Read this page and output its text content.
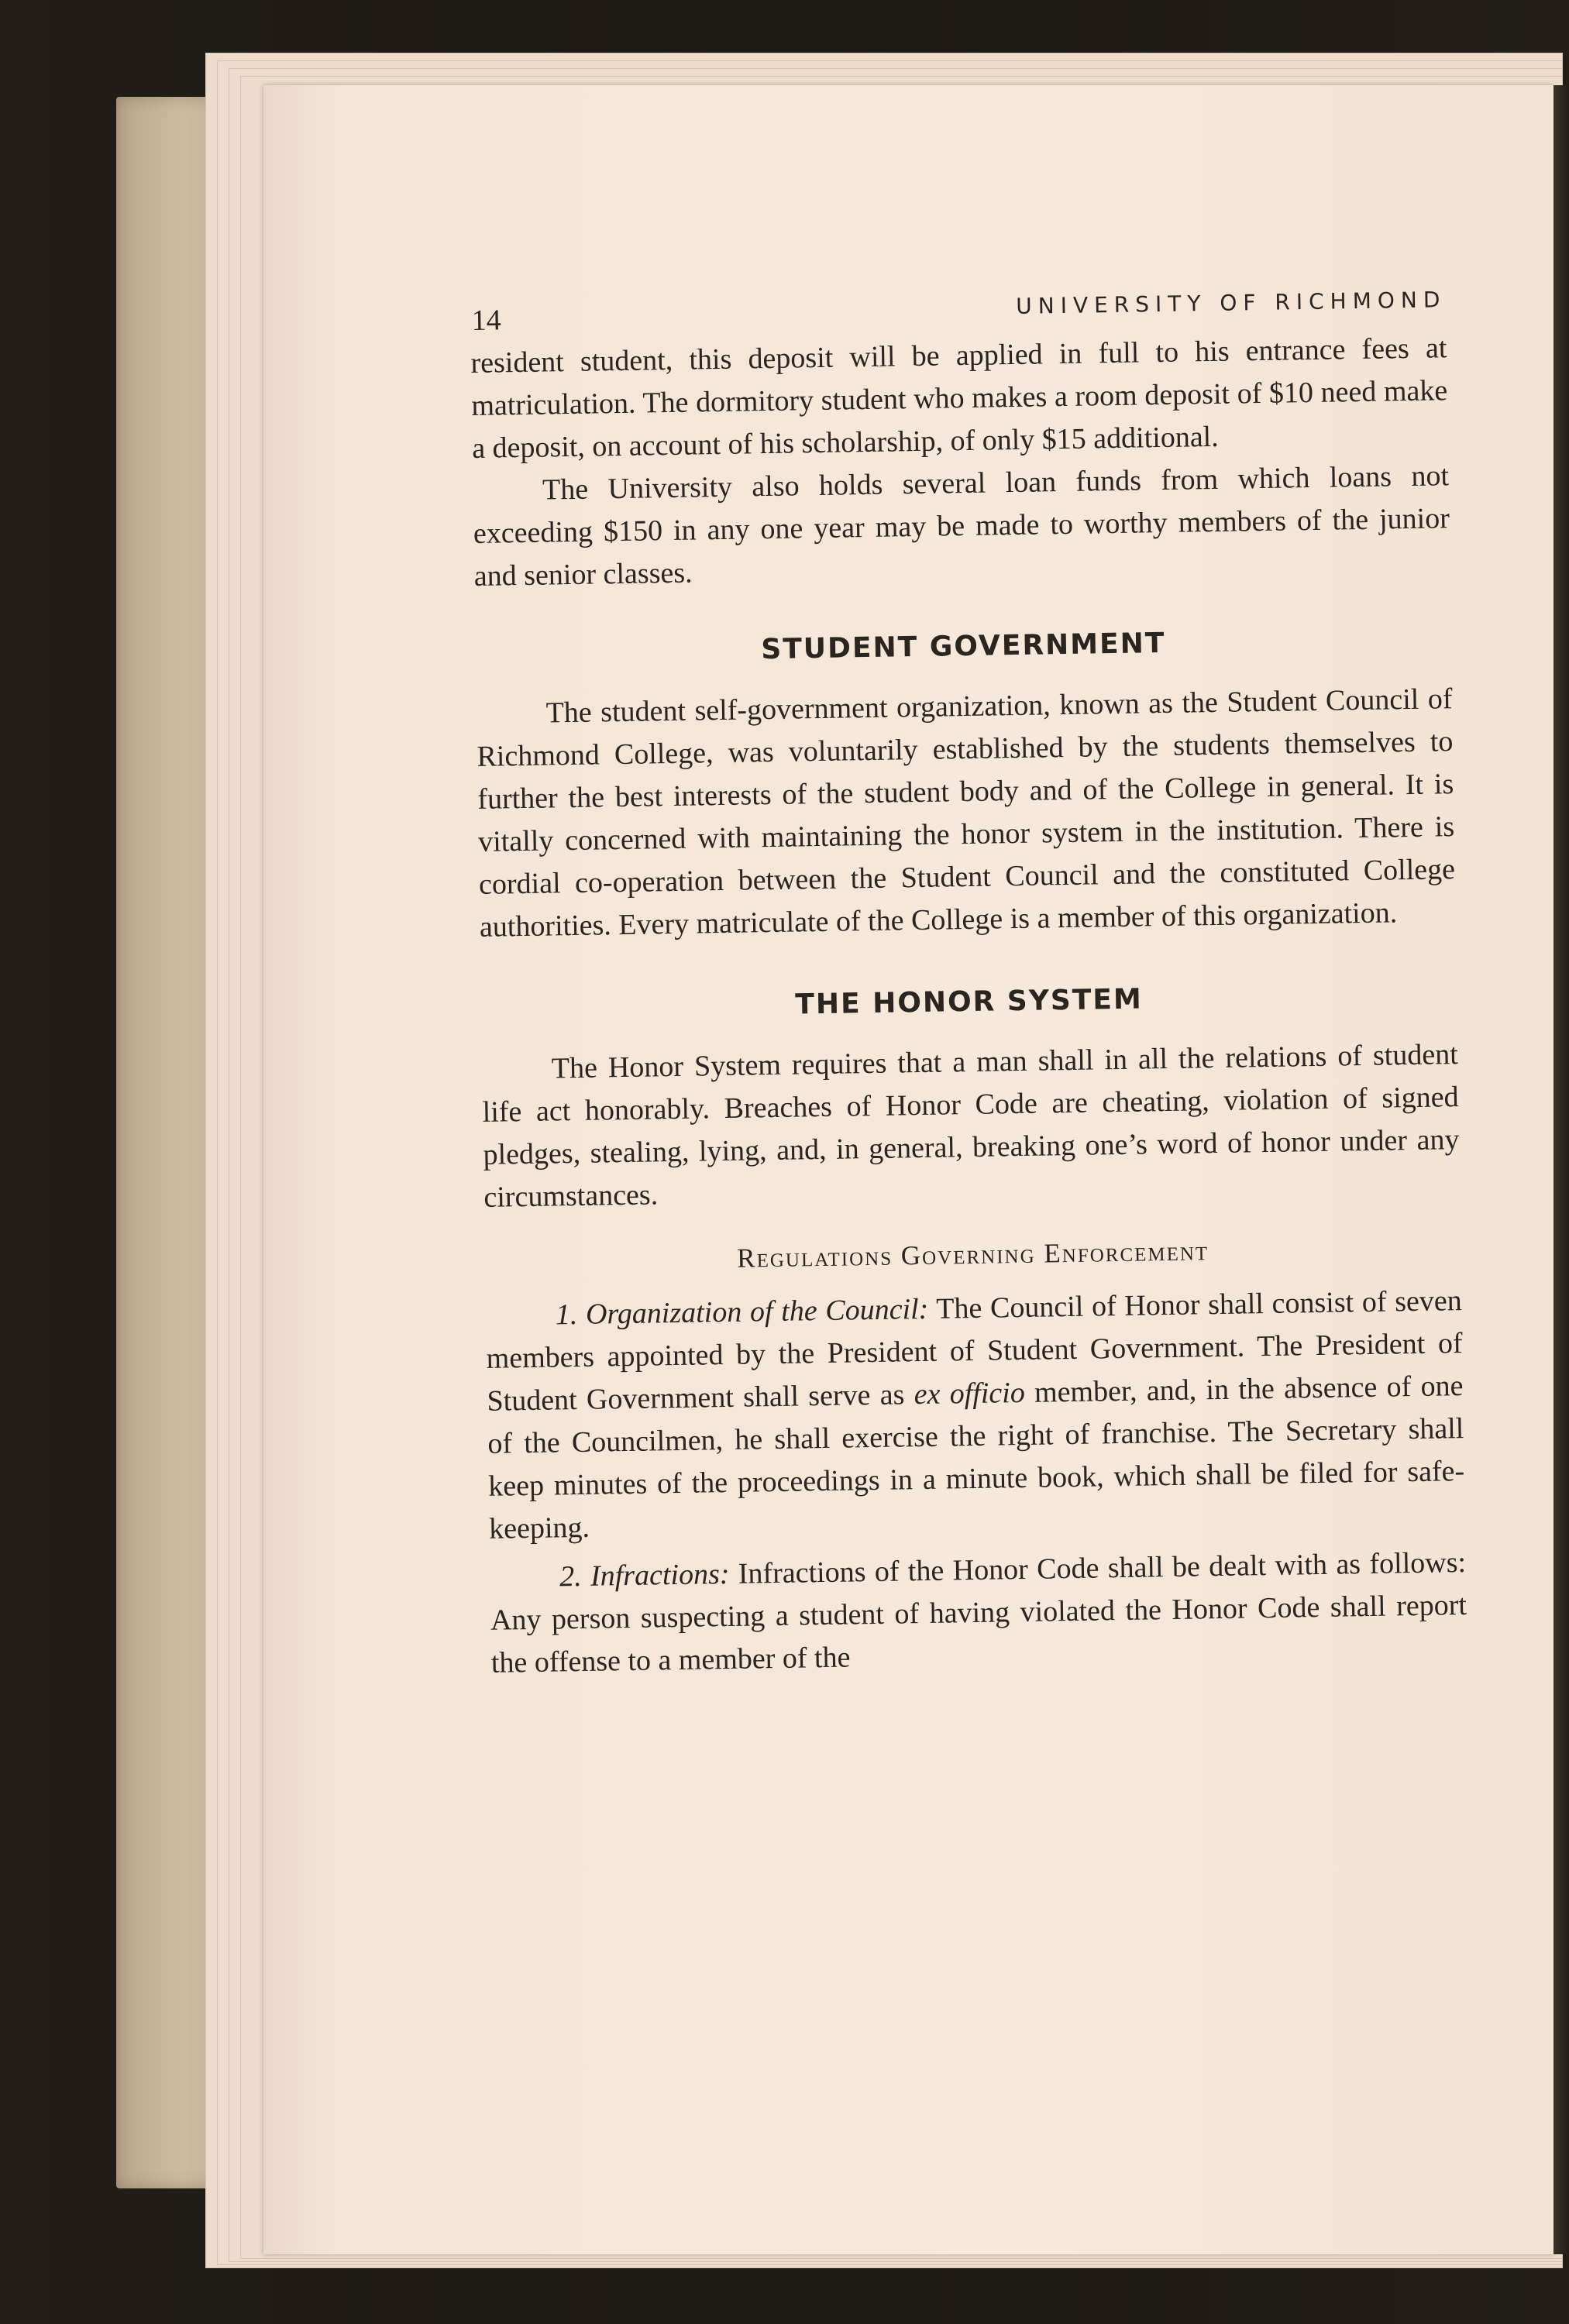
14
UNIVERSITY OF RICHMOND

resident student, this deposit will be applied in full to his entrance fees at matriculation. The dormitory student who makes a room deposit of $10 need make a deposit, on account of his scholarship, of only $15 additional.

The University also holds several loan funds from which loans not exceeding $150 in any one year may be made to worthy members of the junior and senior classes.

STUDENT GOVERNMENT

The student self-government organization, known as the Student Council of Richmond College, was voluntarily established by the students themselves to further the best interests of the student body and of the College in general. It is vitally concerned with maintaining the honor system in the institution. There is cordial co-operation between the Student Council and the constituted College authorities. Every matriculate of the College is a member of this organization.

THE HONOR SYSTEM

The Honor System requires that a man shall in all the relations of student life act honorably. Breaches of Honor Code are cheating, violation of signed pledges, stealing, lying, and, in general, breaking one’s word of honor under any circumstances.

Regulations Governing Enforcement

1. Organization of the Council: The Council of Honor shall consist of seven members appointed by the President of Student Government. The President of Student Government shall serve as ex officio member, and, in the absence of one of the Councilmen, he shall exercise the right of franchise. The Secretary shall keep minutes of the proceedings in a minute book, which shall be filed for safe-keeping.

2. Infractions: Infractions of the Honor Code shall be dealt with as follows: Any person suspecting a student of having violated the Honor Code shall report the offense to a member of the
